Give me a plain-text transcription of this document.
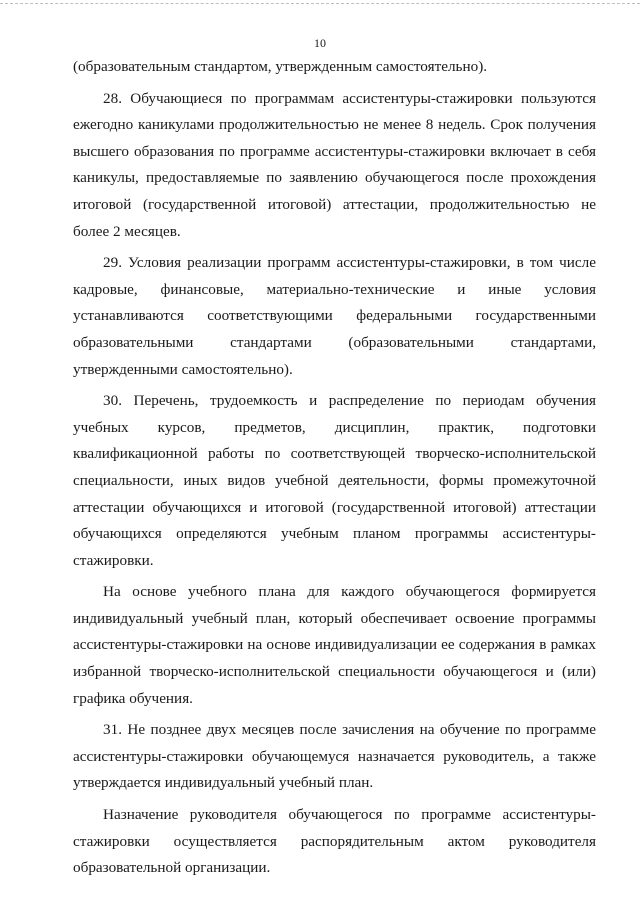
10

(образовательным стандартом, утвержденным самостоятельно).

28. Обучающиеся по программам ассистентуры-стажировки пользуются ежегодно каникулами продолжительностью не менее 8 недель. Срок получения высшего образования по программе ассистентуры-стажировки включает в себя каникулы, предоставляемые по заявлению обучающегося после прохождения итоговой (государственной итоговой) аттестации, продолжительностью не более 2 месяцев.

29. Условия реализации программ ассистентуры-стажировки, в том числе кадровые, финансовые, материально-технические и иные условия устанавливаются соответствующими федеральными государственными образовательными стандартами (образовательными стандартами, утвержденными самостоятельно).

30. Перечень, трудоемкость и распределение по периодам обучения учебных курсов, предметов, дисциплин, практик, подготовки квалификационной работы по соответствующей творческо-исполнительской специальности, иных видов учебной деятельности, формы промежуточной аттестации обучающихся и итоговой (государственной итоговой) аттестации обучающихся определяются учебным планом программы ассистентуры-стажировки.

На основе учебного плана для каждого обучающегося формируется индивидуальный учебный план, который обеспечивает освоение программы ассистентуры-стажировки на основе индивидуализации ее содержания в рамках избранной творческо-исполнительской специальности обучающегося и (или) графика обучения.

31. Не позднее двух месяцев после зачисления на обучение по программе ассистентуры-стажировки обучающемуся назначается руководитель, а также утверждается индивидуальный учебный план.

Назначение руководителя обучающегося по программе ассистентуры-стажировки осуществляется распорядительным актом руководителя образовательной организации.
